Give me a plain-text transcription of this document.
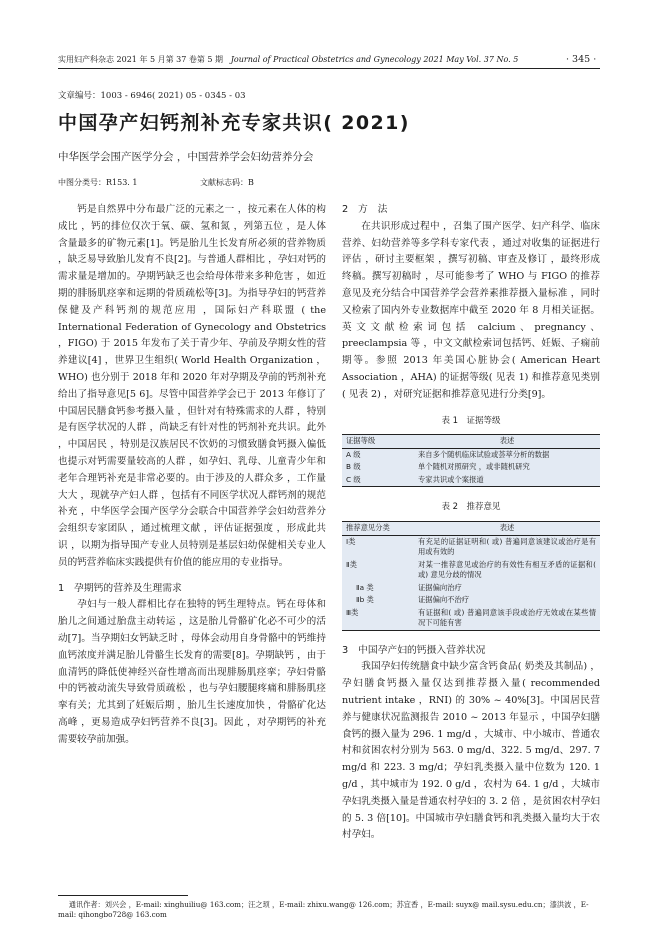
实用妇产科杂志 2021 年 5 月第 37 卷第 5 期 Journal of Practical Obstetrics and Gynecology 2021 May Vol. 37 No. 5	· 345 ·
文章编号：1003 - 6946( 2021) 05 - 0345 - 03
中国孕产妇钙剂补充专家共识( 2021)
中华医学会围产医学分会 ，中国营养学会妇幼营养分会
中图分类号：R153. 1	文献标志码：B

钙是自然界中分布最广泛的元素之一 ，按元素在人体的构成比 ，钙的排位仅次于氧、碳、氢和氮 ，列第五位 ，是人体含量最多的矿物元素[1]。钙是胎儿生长发育所必须的营养物质 ，缺乏易导致胎儿发育不良[2]。与普通人群相比 ，孕妇对钙的需求量是增加的。孕期钙缺乏也会给母体带来多种危害 ，如近期的腓肠肌痉挛和远期的骨质疏松等[3]。为指导孕妇的钙营养保健及产科钙剂的规范应用 ，国际妇产科联盟 ( the International Federation of Gynecology and Obstetrics ，FIGO) 于 2015 年发布了关于青少年、孕前及孕期女性的营养建议[4] ，世界卫生组织( World Health Organization ，WHO) 也分别于 2018 年和 2020 年对孕期及孕前的钙剂补充给出了指导意见[5 6]。尽管中国营养学会已于 2013 年修订了中国居民膳食钙参考摄入量 ，但针对有特殊需求的人群 ，特别是有医学状况的人群 ，尚缺乏有针对性的钙剂补充共识。此外 ，中国居民 ，特别是汉族居民不饮奶的习惯致膳食钙摄入偏低也提示对钙需要量较高的人群 ，如孕妇、乳母、儿童青少年和老年合理钙补充是非常必要的。由于涉及的人群众多 ，工作量大大 ，现就孕产妇人群 ，包括有不同医学状况人群钙剂的规范补充 ，中华医学会围产医学分会联合中国营养学会妇幼营养分会组织专家团队 ，通过梳理文献 ，评估证据强度 ，形成此共识 ，以期为指导围产专业人员特别是基层妇幼保健相关专业人员的钙营养临床实践提供有价值的能应用的专业指导。

1　孕期钙的营养及生理需求

孕妇与一般人群相比存在独特的钙生理特点。钙在母体和胎儿之间通过胎盘主动转运 ，这是胎儿骨骼矿化必不可少的活动[7]。当孕期妇女钙缺乏时 ，母体会动用自身骨骼中的钙维持血钙浓度并满足胎儿骨骼生长发育的需要[8]。孕期缺钙 ，由于血清钙的降低使神经兴奋性增高而出现腓肠肌痉挛；孕妇骨骼中的钙被动流失导致骨质疏松 ，也与孕妇腰腿疼痛和腓肠肌痉挛有关；尤其到了妊娠后期 ，胎儿生长速度加快 ，骨骼矿化达高峰 ，更易造成孕妇钙营养不良[3]。因此 ，对孕期钙的补充需要较孕前加强。

2　方　法

在共识形成过程中 ，召集了围产医学、妇产科学、临床营养、妇幼营养等多学科专家代表 ，通过对收集的证据进行评估 ，研讨主要框架 ，撰写初稿、审查及修订 ，最终形成终稿。撰写初稿时 ，尽可能参考了 WHO 与 FIGO 的推荐意见及充分结合中国营养学会营养素推荐摄入量标准 ，同时又检索了国内外专业数据库中截至 2020 年 8 月相关证据。英文文献检索词包括 calcium、pregnancy、preeclampsia 等 ，中文文献检索词包括钙、妊娠、子痫前期等。参照 2013 年美国心脏协会( American Heart Association ，AHA) 的证据等级( 见表 1) 和推荐意见类别( 见表 2) ，对研究证据和推荐意见进行分类[9]。

表 1　证据等级
证据等级	表述
A 级	来自多个随机临床试验或荟萃分析的数据
B 级	单个随机对照研究 ，或非随机研究
C 级	专家共识或个案报道
表 2　推荐意见
推荐意见分类	表述
Ⅰ类	有充足的证据证明和( 或) 普遍同意该建议或治疗是有用或有效的
Ⅱ类	对某一推荐意见或治疗的有效性有相互矛盾的证据和( 或) 意见分歧的情况
Ⅱa 类	证据偏向治疗
Ⅱb 类	证据偏向不治疗
Ⅲ类	有证据和( 或) 普遍同意该手段或治疗无效或在某些情况下可能有害

3　中国孕产妇的钙摄入营养状况

我国孕妇传统膳食中缺少富含钙食品( 奶类及其制品) ，孕妇膳食钙摄入量仅达到推荐摄入量( recommended nutrient intake ，RNI) 的 30% ~ 40%[3]。中国居民营养与健康状况监测报告 2010 ~ 2013 年显示 ，中国孕妇膳食钙的摄入量为 296. 1 mg/d ，大城市、中小城市、普通农村和贫困农村分别为 563. 0 mg/d、322. 5 mg/d、297. 7 mg/d 和 223. 3 mg/d；孕妇乳类摄入量中位数为 120. 1 g/d ，其中城市为 192. 0 g/d ，农村为 64. 1 g/d ，大城市孕妇乳类摄入量是普通农村孕妇的 3. 2 倍 ，是贫困农村孕妇的 5. 3 倍[10]。中国城市孕妇膳食钙和乳类摄入量均大于农村孕妇。

通讯作者：刘兴会 ，E-mail: xinghuiliu@ 163.com；汪之顼 ，E-mail: zhixu.wang@ 126.com；苏宜香 ，E-mail: suyx@ mail.sysu.edu.cn；漆洪波 ，E-mail: qihongbo728@ 163.com
